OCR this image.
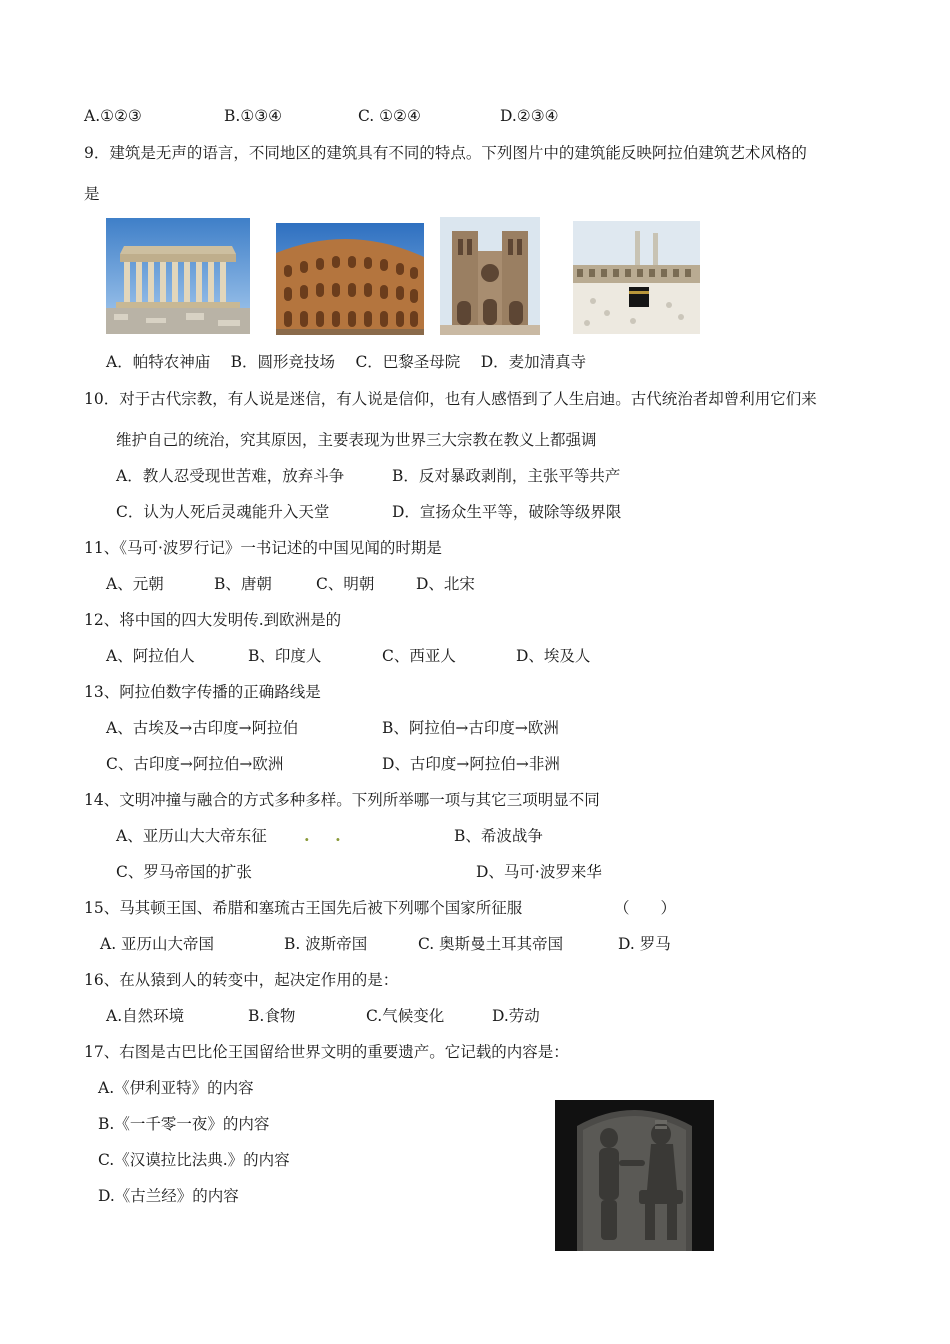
A.①②③	B.①③④	C. ①②④	D.②③④
9．建筑是无声的语言，不同地区的建筑具有不同的特点。下列图片中的建筑能反映阿拉伯建筑艺术风格的
是
A．帕特农神庙　 B．圆形竞技场　 C．巴黎圣母院　 D．麦加清真寺
10．对于古代宗教，有人说是迷信，有人说是信仰，也有人感悟到了人生启迪。古代统治者却曾利用它们来
维护自己的统治，究其原因，主要表现为世界三大宗教在教义上都强调
A．教人忍受现世苦难，放弃斗争	B．反对暴政剥削，主张平等共产
C．认为人死后灵魂能升入天堂	D．宣扬众生平等，破除等级界限
11、《马可·波罗行记》一书记述的中国见闻的时期是
A、元朝	B、唐朝	C、明朝	D、北宋
12、将中国的四大发明传.到欧洲是的
A、阿拉伯人	B、印度人	C、西亚人	D、埃及人
13、阿拉伯数字传播的正确路线是
A、古埃及→古印度→阿拉伯	B、阿拉伯→古印度→欧洲
C、古印度→阿拉伯→欧洲	D、古印度→阿拉伯→非洲
14、文明冲撞与融合的方式多种多样。下列所举哪一项与其它三项明显不同
A、亚历山大大帝东征 . .	B、希波战争
C、罗马帝国的扩张	D、马可·波罗来华
15、马其顿王国、希腊和塞琉古王国先后被下列哪个国家所征服	（　　）
A. 亚历山大帝国	B. 波斯帝国	C. 奥斯曼土耳其帝国	D. 罗马
16、在从猿到人的转变中，起决定作用的是：
A.自然环境	B.食物	C.气候变化	D.劳动
17、右图是古巴比伦王国留给世界文明的重要遗产。它记载的内容是：
A.《伊利亚特》的内容
B.《一千零一夜》的内容
C.《汉谟拉比法典.》的内容
D.《古兰经》的内容
